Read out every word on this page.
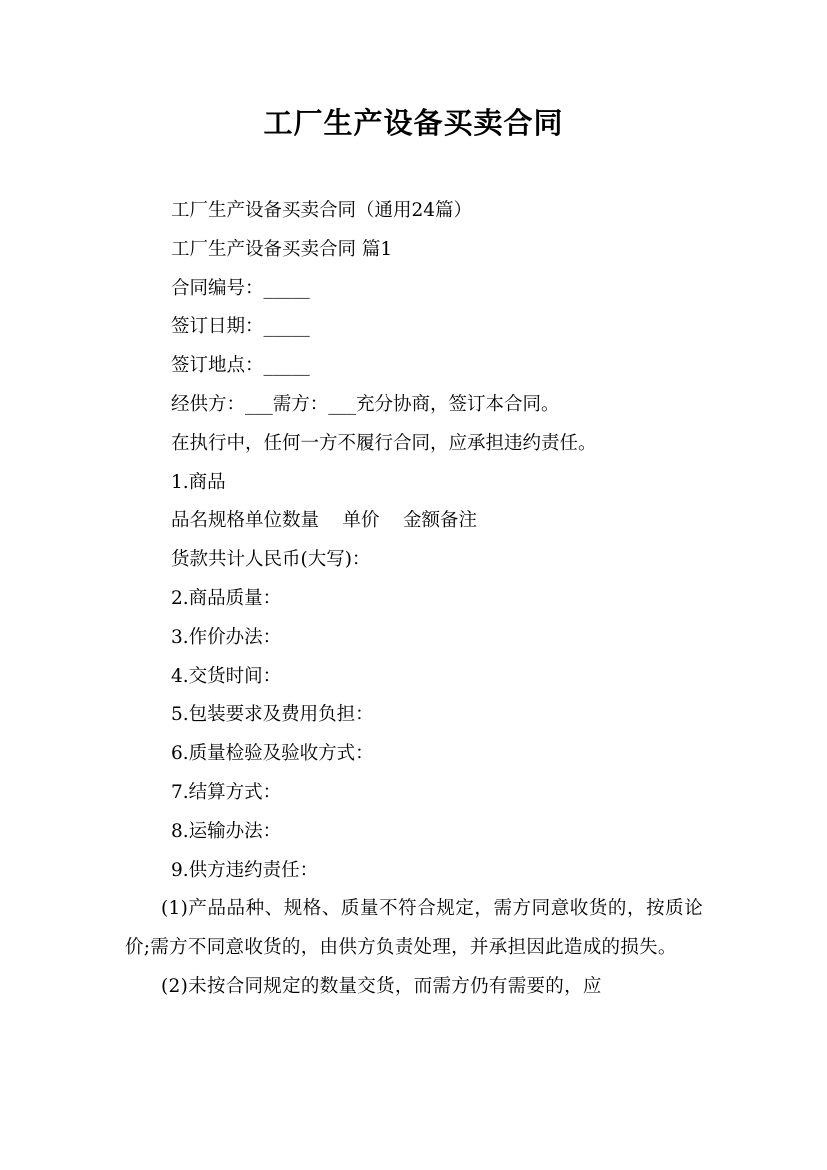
工厂生产设备买卖合同

工厂生产设备买卖合同（通用24篇）

工厂生产设备买卖合同 篇1

合同编号：_____

签订日期：_____

签订地点：_____

经供方：___需方：___充分协商，签订本合同。

在执行中，任何一方不履行合同，应承担违约责任。

1.商品

品名规格单位数量    单价    金额备注

货款共计人民币(大写)：

2.商品质量：

3.作价办法：

4.交货时间：

5.包装要求及费用负担：

6.质量检验及验收方式：

7.结算方式：

8.运输办法：

9.供方违约责任：

(1)产品品种、规格、质量不符合规定，需方同意收货的，按质论价;需方不同意收货的，由供方负责处理，并承担因此造成的损失。

(2)未按合同规定的数量交货，而需方仍有需要的，应
